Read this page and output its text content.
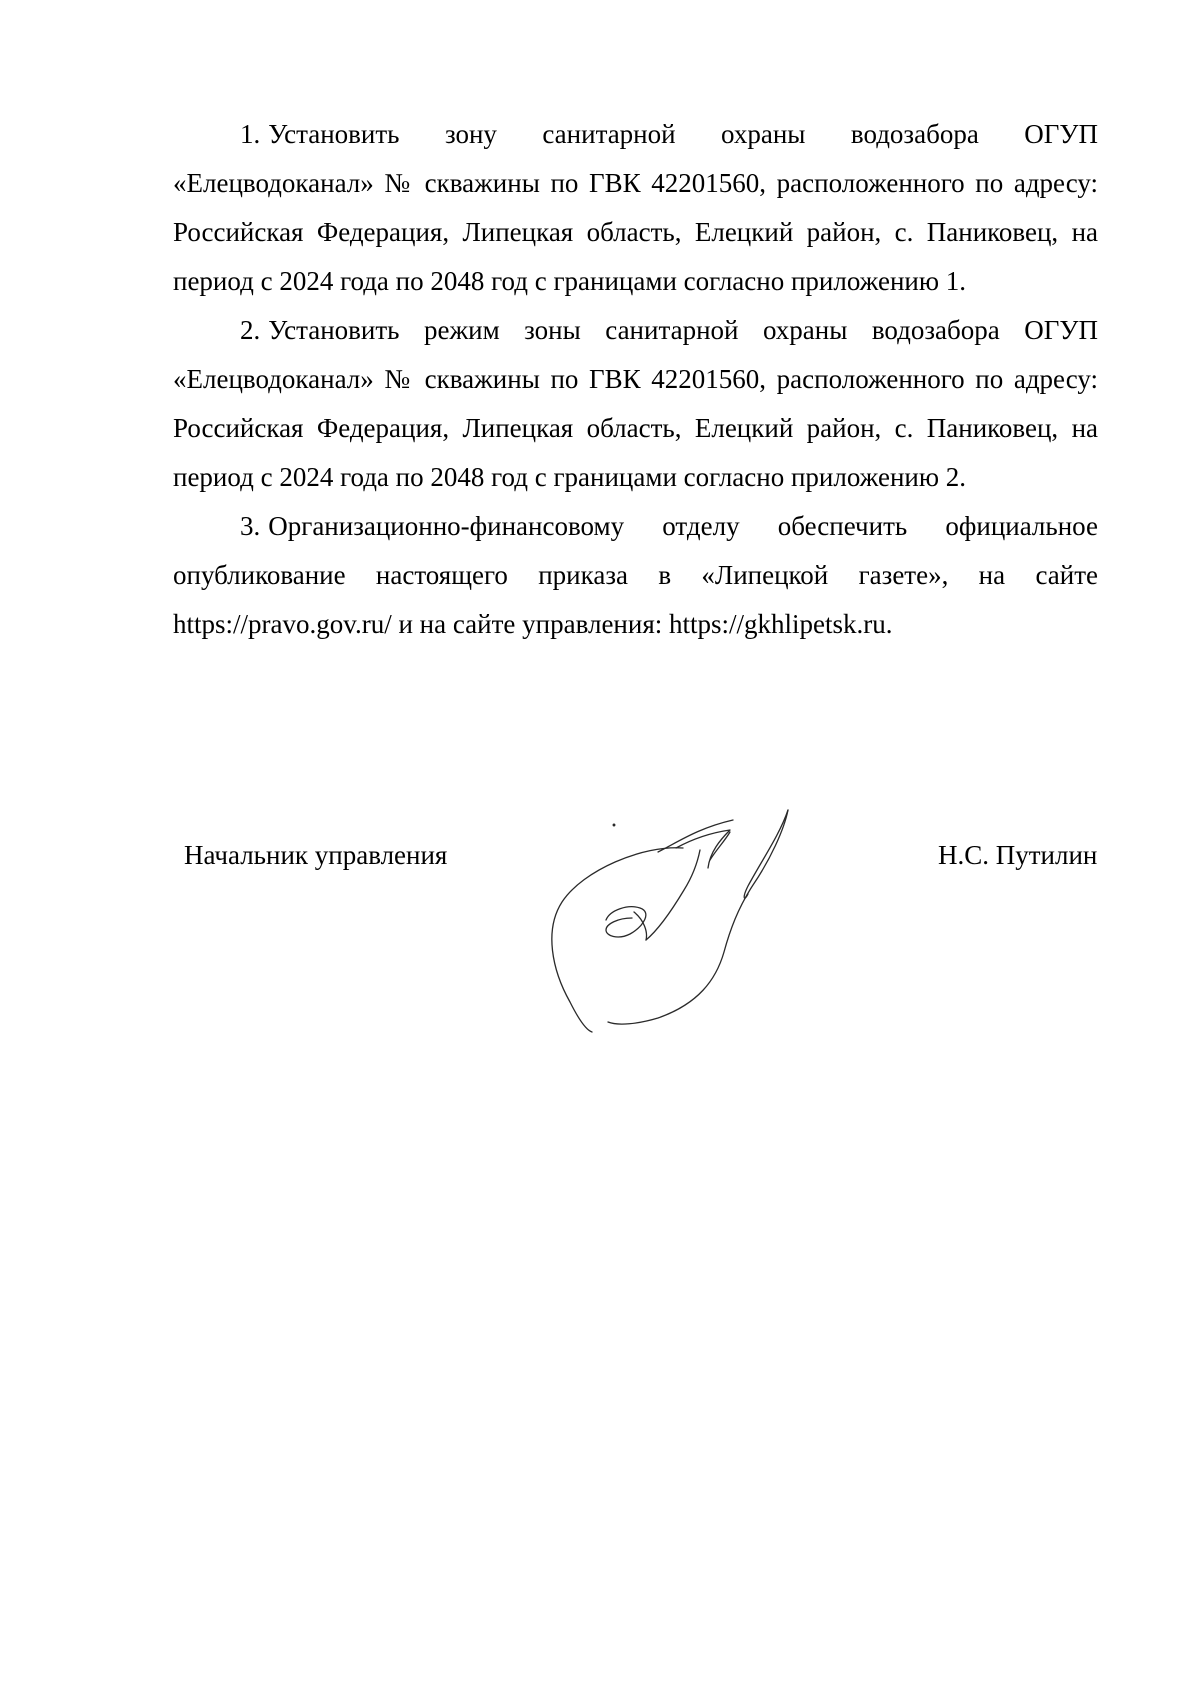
1. Установить зону санитарной охраны водозабора ОГУП «Елецводоканал» № скважины по ГВК 42201560, расположенного по адресу: Российская Федерация, Липецкая область, Елецкий район, с. Паниковец, на период с 2024 года по 2048 год с границами согласно приложению 1.

2. Установить режим зоны санитарной охраны водозабора ОГУП «Елецводоканал» № скважины по ГВК 42201560, расположенного по адресу: Российская Федерация, Липецкая область, Елецкий район, с. Паниковец, на период с 2024 года по 2048 год с границами согласно приложению 2.

3. Организационно-финансовому отделу обеспечить официальное опубликование настоящего приказа в «Липецкой газете», на сайте https://pravo.gov.ru/ и на сайте управления: https://gkhlipetsk.ru.

Начальник управления	Н.С. Путилин
